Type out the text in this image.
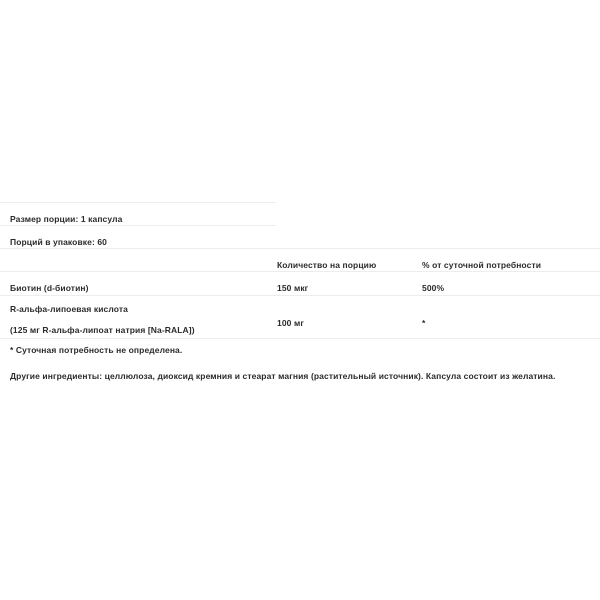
Размер порции: 1 капсула
Порций в упаковке: 60
Количество на порцию	% от суточной потребности
Биотин (d-биотин)	150 мкг	500%
R-альфа-липоевая кислота
(125 мг R-альфа-липоат натрия [Na-RALA])
100 мг	*
* Суточная потребность не определена.
Другие ингредиенты: целлюлоза, диоксид кремния и стеарат магния (растительный источник). Капсула состоит из желатина.
